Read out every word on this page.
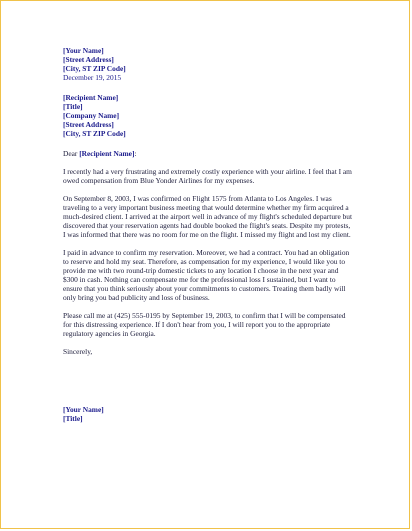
[Your Name]

[Street Address]

[City, ST ZIP Code]

December 19, 2015

[Recipient Name]

[Title]

[Company Name]

[Street Address]

[City, ST ZIP Code]

Dear [Recipient Name]:

I recently had a very frustrating and extremely costly experience with your airline. I feel that I am owed compensation from Blue Yonder Airlines for my expenses.

On September 8, 2003, I was confirmed on Flight 1575 from Atlanta to Los Angeles. I was traveling to a very important business meeting that would determine whether my firm acquired a much-desired client. I arrived at the airport well in advance of my flight's scheduled departure but discovered that your reservation agents had double booked the flight's seats. Despite my protests, I was informed that there was no room for me on the flight. I missed my flight and lost my client.

I paid in advance to confirm my reservation. Moreover, we had a contract. You had an obligation to reserve and hold my seat. Therefore, as compensation for my experience, I would like you to provide me with two round-trip domestic tickets to any location I choose in the next year and $300 in cash. Nothing can compensate me for the professional loss I sustained, but I want to ensure that you think seriously about your commitments to customers. Treating them badly will only bring you bad publicity and loss of business.

Please call me at (425) 555-0195 by September 19, 2003, to confirm that I will be compensated for this distressing experience. If I don't hear from you, I will report you to the appropriate regulatory agencies in Georgia.

Sincerely,

[Your Name]

[Title]
